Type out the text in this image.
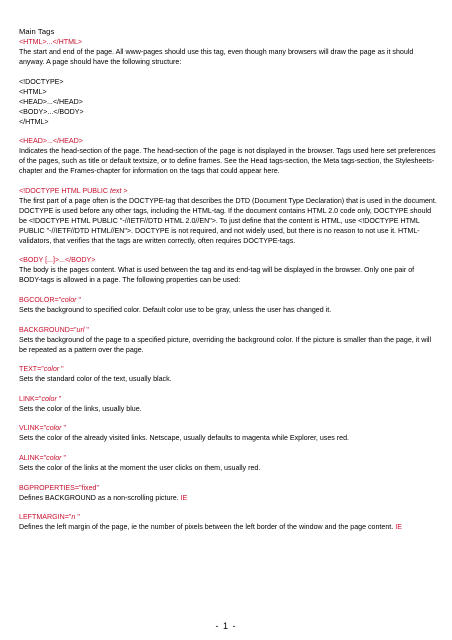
Main Tags
<HTML>...</HTML>
The start and end of the page. All www-pages should use this tag, even though many browsers will draw the page as it should anyway. A page should have the following structure:
<!DOCTYPE>
<HTML>
<HEAD>...</HEAD>
<BODY>...</BODY>
</HTML>
<HEAD>...</HEAD>
Indicates the head-section of the page. The head-section of the page is not displayed in the browser. Tags used here set preferences of the pages, such as title or default textsize, or to define frames. See the Head tags-section, the Meta tags-section, the Stylesheets-chapter and the Frames-chapter for information on the tags that could appear here.
<!DOCTYPE HTML PUBLIC text >
The first part of a page often is the DOCTYPE-tag that describes the DTD (Document Type Declaration) that is used in the document. DOCTYPE is used before any other tags, including the HTML-tag. If the document contains HTML 2.0 code only, DOCTYPE should be <!DOCTYPE HTML PUBLIC "-//IETF//DTD HTML 2.0//EN">. To just define that the content is HTML, use <!DOCTYPE HTML PUBLIC "-//IETF//DTD HTML//EN">. DOCTYPE is not required, and not widely used, but there is no reason to not use it. HTML-validators, that verifies that the tags are written correctly, often requires DOCTYPE-tags.
<BODY [...]>...</BODY>
The body is the pages content. What is used between the tag and its end-tag will be displayed in the browser. Only one pair of BODY-tags is allowed in a page. The following properties can be used:
BGCOLOR="color "
Sets the background to specified color. Default color use to be gray, unless the user has changed it.
BACKGROUND="url "
Sets the background of the page to a specified picture, overriding the background color. If the picture is smaller than the page, it will be repeated as a pattern over the page.
TEXT="color "
Sets the standard color of the text, usually black.
LINK="color "
Sets the color of the links, usually blue.
VLINK="color "
Sets the color of the already visited links. Netscape, usually defaults to magenta while Explorer, uses red.
ALINK="color "
Sets the color of the links at the moment the user clicks on them, usually red.
BGPROPERTIES="fixed"
Defines BACKGROUND as a non-scrolling picture. IE
LEFTMARGIN="n "
Defines the left margin of the page, ie the number of pixels between the left border of the window and the page content. IE
- 1 -
